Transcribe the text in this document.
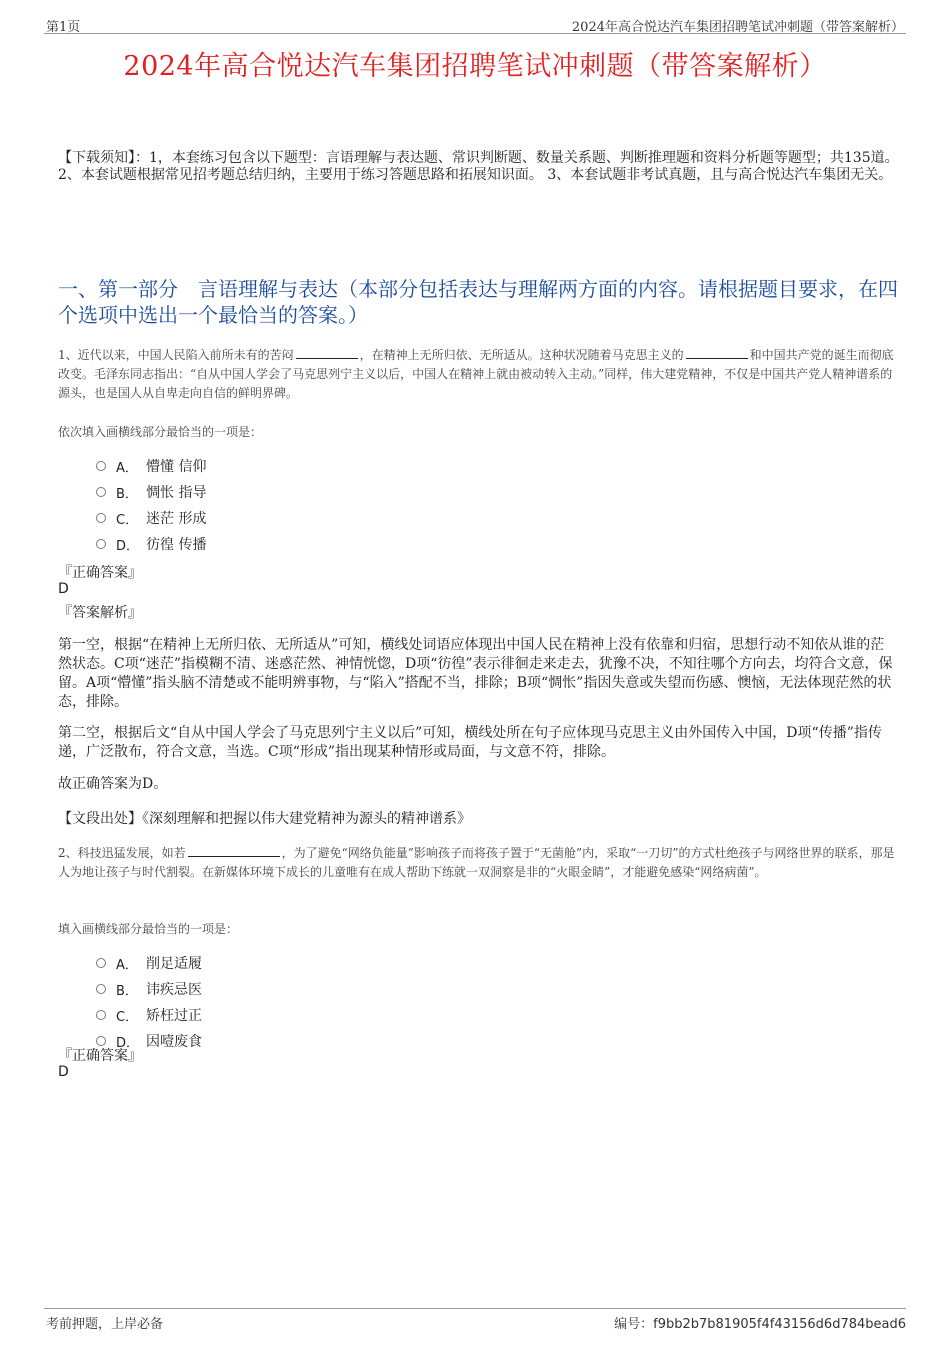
第1页	2024年高合悦达汽车集团招聘笔试冲刺题（带答案解析）
2024年高合悦达汽车集团招聘笔试冲刺题（带答案解析）
【下载须知】：1，本套练习包含以下题型：言语理解与表达题、常识判断题、数量关系题、判断推理题和资料分析题等题型；共135道。 2、本套试题根据常见招考题总结归纳，主要用于练习答题思路和拓展知识面。 3、本套试题非考试真题，且与高合悦达汽车集团无关。
一、第一部分　言语理解与表达（本部分包括表达与理解两方面的内容。请根据题目要求，在四个选项中选出一个最恰当的答案。）
1、近代以来，中国人民陷入前所未有的苦闷	，在精神上无所归依、无所适从。这种状况随着马克思主义的	和中国共产党的诞生而彻底改变。毛泽东同志指出：“自从中国人学会了马克思列宁主义以后，中国人在精神上就由被动转入主动。”同样，伟大建党精神，不仅是中国共产党人精神谱系的源头，也是国人从自卑走向自信的鲜明界碑。
依次填入画横线部分最恰当的一项是：
A． 懵懂 信仰
B． 惆怅 指导
C． 迷茫 形成
D． 彷徨 传播
『正确答案』
D
『答案解析』
第一空，根据“在精神上无所归依、无所适从”可知，横线处词语应体现出中国人民在精神上没有依靠和归宿，思想行动不知依从谁的茫然状态。C项“迷茫”指模糊不清、迷惑茫然、神情恍惚，D项“彷徨”表示徘徊走来走去，犹豫不决，不知往哪个方向去，均符合文意，保留。A项“懵懂”指头脑不清楚或不能明辨事物，与“陷入”搭配不当，排除；B项“惆怅”指因失意或失望而伤感、懊恼，无法体现茫然的状态，排除。
第二空，根据后文“自从中国人学会了马克思列宁主义以后”可知，横线处所在句子应体现马克思主义由外国传入中国，D项“传播”指传递，广泛散布，符合文意，当选。C项“形成”指出现某种情形或局面，与文意不符，排除。
故正确答案为D。
【文段出处】《深刻理解和把握以伟大建党精神为源头的精神谱系》
2、科技迅猛发展，如若	，为了避免“网络负能量”影响孩子而将孩子置于“无菌舱”内，采取“一刀切”的方式杜绝孩子与网络世界的联系，那是人为地让孩子与时代割裂。在新媒体环境下成长的儿童唯有在成人帮助下练就一双洞察是非的“火眼金睛”，才能避免感染“网络病菌”。
填入画横线部分最恰当的一项是：
A． 削足适履
B． 讳疾忌医
C． 矫枉过正
D． 因噎废食
『正确答案』
D
考前押题，上岸必备	编号：f9bb2b7b81905f4f43156d6d784bead6
